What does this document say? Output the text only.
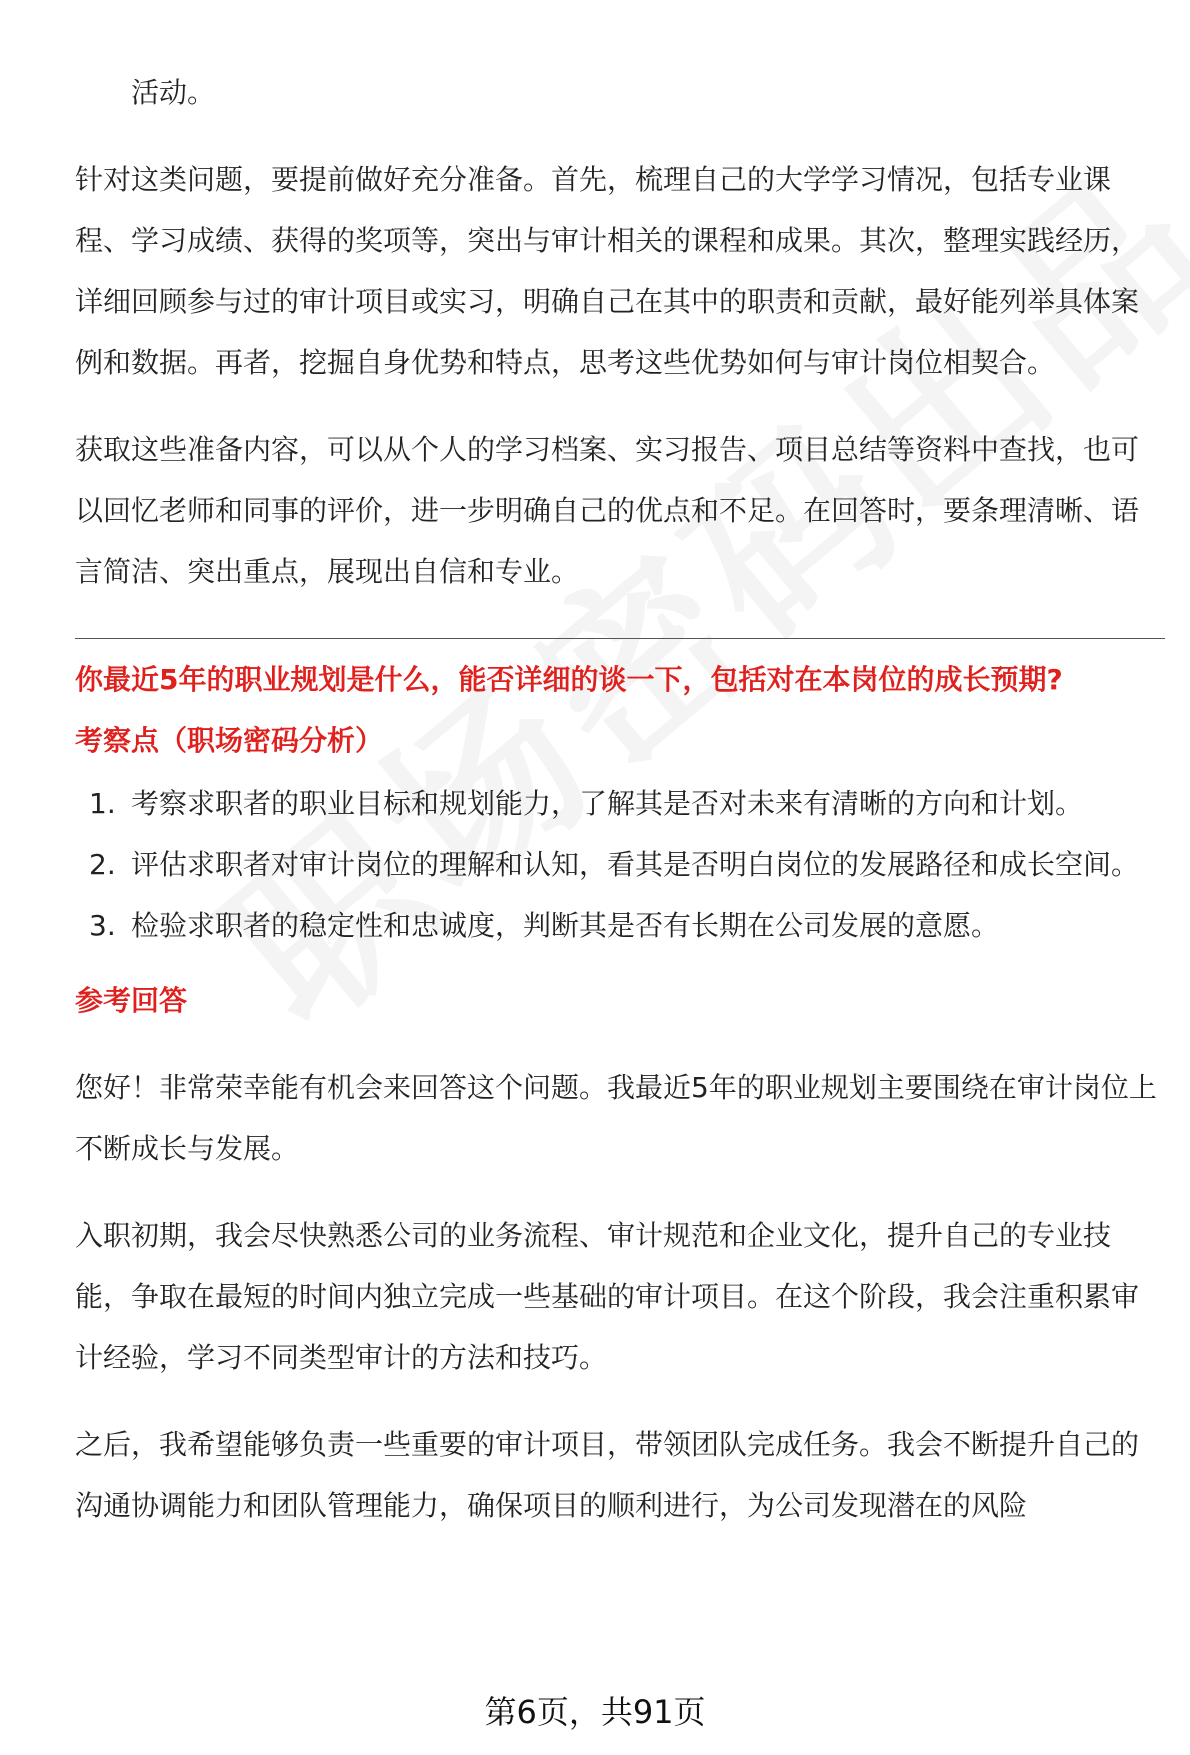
活动。

针对这类问题，要提前做好充分准备。首先，梳理自己的大学学习情况，包括专业课程、学习成绩、获得的奖项等，突出与审计相关的课程和成果。其次，整理实践经历，详细回顾参与过的审计项目或实习，明确自己在其中的职责和贡献，最好能列举具体案例和数据。再者，挖掘自身优势和特点，思考这些优势如何与审计岗位相契合。

获取这些准备内容，可以从个人的学习档案、实习报告、项目总结等资料中查找，也可以回忆老师和同事的评价，进一步明确自己的优点和不足。在回答时，要条理清晰、语言简洁、突出重点，展现出自信和专业。

你最近5年的职业规划是什么，能否详细的谈一下，包括对在本岗位的成长预期?

考察点（职场密码分析）

1. 考察求职者的职业目标和规划能力，了解其是否对未来有清晰的方向和计划。
2. 评估求职者对审计岗位的理解和认知，看其是否明白岗位的发展路径和成长空间。
3. 检验求职者的稳定性和忠诚度，判断其是否有长期在公司发展的意愿。

参考回答

您好！非常荣幸能有机会来回答这个问题。我最近5年的职业规划主要围绕在审计岗位上不断成长与发展。

入职初期，我会尽快熟悉公司的业务流程、审计规范和企业文化，提升自己的专业技能，争取在最短的时间内独立完成一些基础的审计项目。在这个阶段，我会注重积累审计经验，学习不同类型审计的方法和技巧。

之后，我希望能够负责一些重要的审计项目，带领团队完成任务。我会不断提升自己的沟通协调能力和团队管理能力，确保项目的顺利进行，为公司发现潜在的风险

第6页，共91页
